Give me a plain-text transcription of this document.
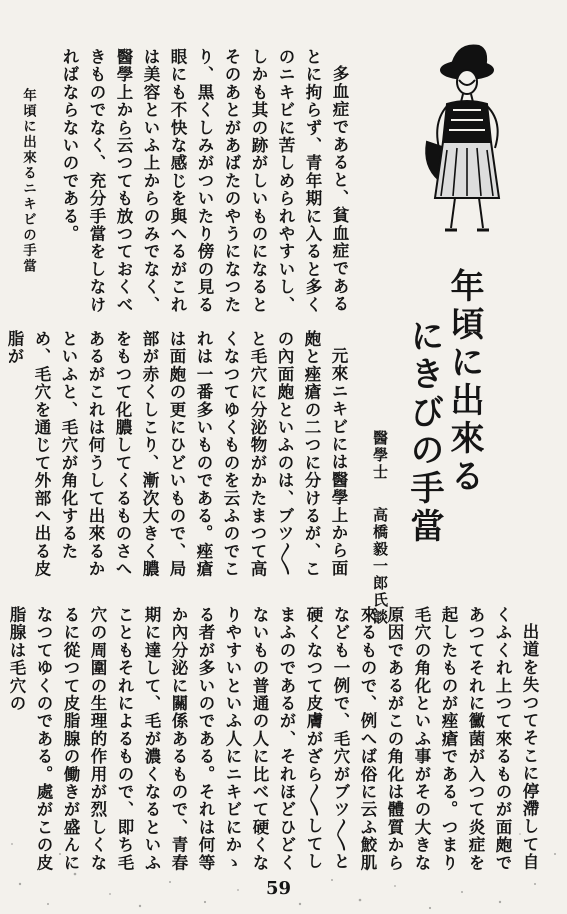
年頃に出來る
にきびの手當
醫學士
高橋毅一郎氏談
年頃に出來るニキビの手當	多血症であると、貧血症であるとに拘らず、青年期に入ると多くのニキビに苦しめられやすいし、しかも其の跡がしいものになるとそのあとがあばたのやうになつたり、黒くしみがついたり傍の見る眼にも不快な感じを與へるがこれは美容といふ上からのみでなく、醫學上から云つても放つておくべきものでなく、充分手當をしなければならないのである。

元來ニキビには醫學上から面皰と痤瘡の二つに分けるが、この內面皰といふのは、ブツ〳〵と毛穴に分泌物がかたまつて高くなつてゆくものを云ふのでこれは一番多いものである。痤瘡は面皰の更にひどいもので、局部が赤くしこり、漸次大きく膿をもつて化膿してくるものさへあるがこれは何うして出來るかといふと、毛穴が角化するため、毛穴を通じて外部へ出る皮脂が

出道を失つてそこに停滯して自くふくれ上つて來るものが面皰であつてそれに黴菌が入つて炎症を起したものが痤瘡である。つまり毛穴の角化といふ事がその大きな原因であるがこの角化は體質から來るもので、例へば俗に云ふ鮫肌なども一例で、毛穴がブツ〳〵と硬くなつて皮膚がざら〳〵してしまふのであるが、それほどひどくないもの普通の人に比べて硬くなりやすいといふ人にニキビにかゝる者が多いのである。それは何等か內分泌に關係あるもので、青春期に達して、毛が濃くなるといふこともそれによるもので、即ち毛穴の周圍の生理的作用が烈しくなるに從つて皮脂腺の働きが盛んになつてゆくのである。處がこの皮脂腺は毛穴の

59
